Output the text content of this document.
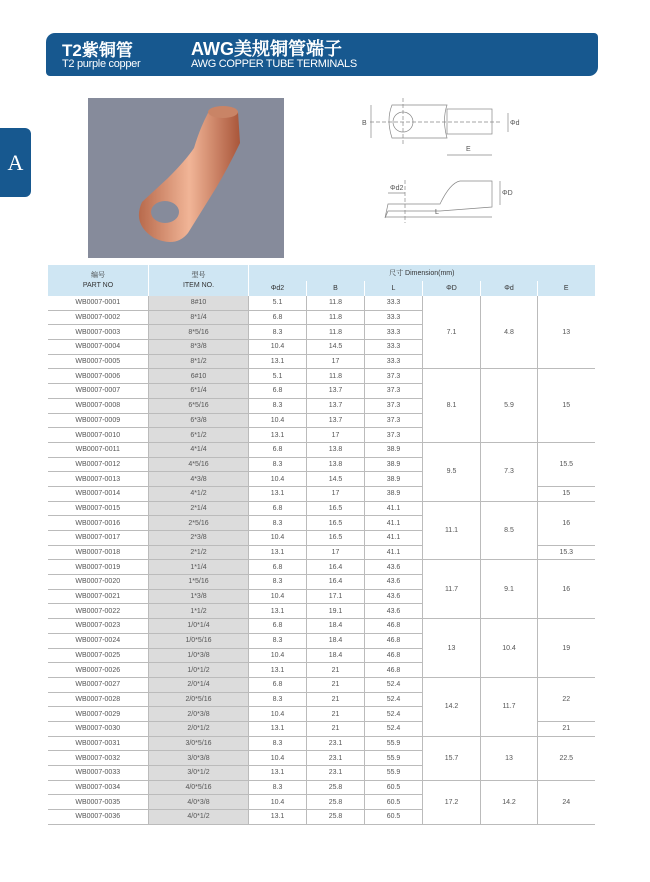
T2紫铜管
T2 purple copper
AWG美规铜管端子
AWG COPPER TUBE TERMINALS
A
B
E
Φd
Φd2
ΦD
L
编号
PART NO	型号
ITEM NO.	尺寸 Dimension(mm)					
		Φd2	B	L	ΦD	Φd	E
WB0007-0001	8#10	5.1	11.8	33.3	7.1	4.8	13
WB0007-0002	8*1/4	6.8	11.8	33.3			
WB0007-0003	8*5/16	8.3	11.8	33.3			
WB0007-0004	8*3/8	10.4	14.5	33.3			
WB0007-0005	8*1/2	13.1	17	33.3			
WB0007-0006	6#10	5.1	11.8	37.3	8.1	5.9	15
WB0007-0007	6*1/4	6.8	13.7	37.3			
WB0007-0008	6*5/16	8.3	13.7	37.3			
WB0007-0009	6*3/8	10.4	13.7	37.3			
WB0007-0010	6*1/2	13.1	17	37.3			
WB0007-0011	4*1/4	6.8	13.8	38.9	9.5	7.3	15.5
WB0007-0012	4*5/16	8.3	13.8	38.9			
WB0007-0013	4*3/8	10.4	14.5	38.9			
WB0007-0014	4*1/2	13.1	17	38.9			15
WB0007-0015	2*1/4	6.8	16.5	41.1	11.1	8.5	16
WB0007-0016	2*5/16	8.3	16.5	41.1			
WB0007-0017	2*3/8	10.4	16.5	41.1			
WB0007-0018	2*1/2	13.1	17	41.1			15.3
WB0007-0019	1*1/4	6.8	16.4	43.6	11.7	9.1	16
WB0007-0020	1*5/16	8.3	16.4	43.6			
WB0007-0021	1*3/8	10.4	17.1	43.6			
WB0007-0022	1*1/2	13.1	19.1	43.6			
WB0007-0023	1/0*1/4	6.8	18.4	46.8	13	10.4	19
WB0007-0024	1/0*5/16	8.3	18.4	46.8			
WB0007-0025	1/0*3/8	10.4	18.4	46.8			
WB0007-0026	1/0*1/2	13.1	21	46.8			
WB0007-0027	2/0*1/4	6.8	21	52.4	14.2	11.7	22
WB0007-0028	2/0*5/16	8.3	21	52.4			
WB0007-0029	2/0*3/8	10.4	21	52.4			
WB0007-0030	2/0*1/2	13.1	21	52.4			21
WB0007-0031	3/0*5/16	8.3	23.1	55.9	15.7	13	22.5
WB0007-0032	3/0*3/8	10.4	23.1	55.9			
WB0007-0033	3/0*1/2	13.1	23.1	55.9			
WB0007-0034	4/0*5/16	8.3	25.8	60.5	17.2	14.2	24
WB0007-0035	4/0*3/8	10.4	25.8	60.5			
WB0007-0036	4/0*1/2	13.1	25.8	60.5			
